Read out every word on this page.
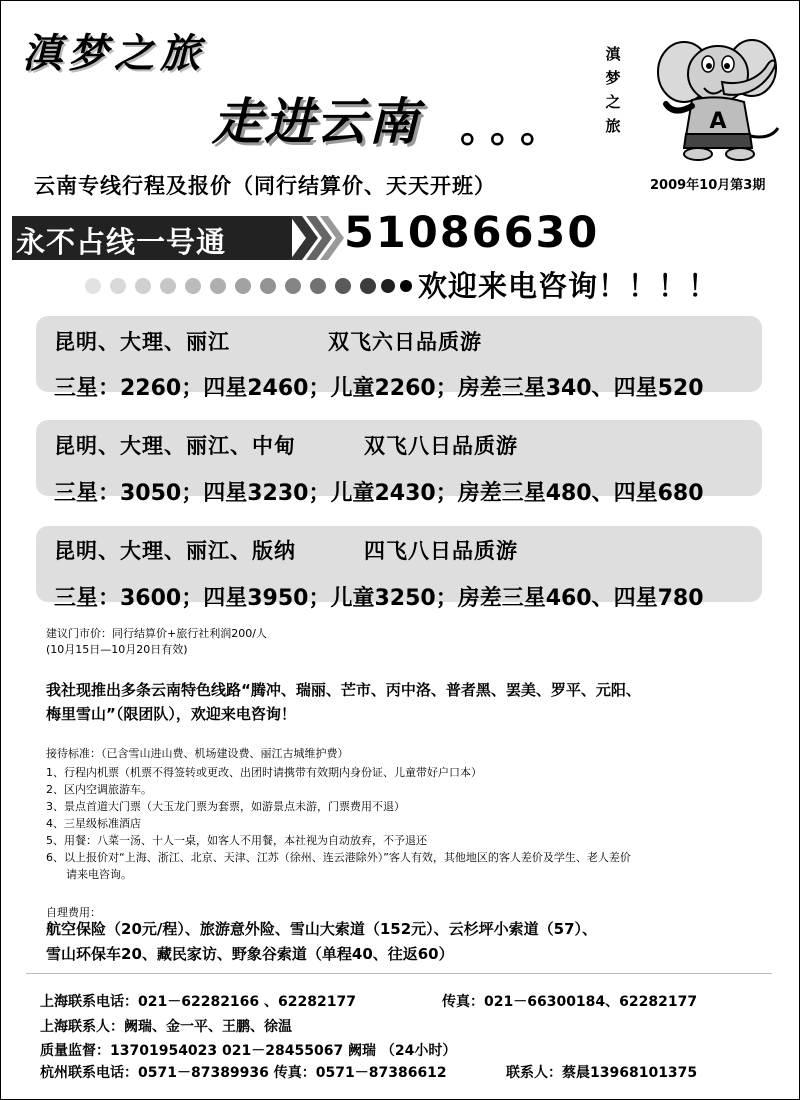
滇梦之旅
走进云南 。。。
滇梦之旅	A
云南专线行程及报价（同行结算价、天天开班）	2009年10月第3期
永不占线一号通	51086630
欢迎来电咨询！！！！
昆明、大理、丽江	双飞六日品质游
三星：2260；四星2460；儿童2260；房差三星340、四星520
昆明、大理、丽江、中甸	双飞八日品质游
三星：3050；四星3230；儿童2430；房差三星480、四星680
昆明、大理、丽江、版纳	四飞八日品质游
三星：3600；四星3950；儿童3250；房差三星460、四星780
建议门市价：同行结算价+旅行社利润200/人
(10月15日—10月20日有效)
我社现推出多条云南特色线路“腾冲、瑞丽、芒市、丙中洛、普者黑、罢美、罗平、元阳、
梅里雪山”（限团队），欢迎来电咨询！
接待标准：（已含雪山进山费、机场建设费、丽江古城维护费）
1、行程内机票（机票不得签转或更改、出团时请携带有效期内身份证、儿童带好户口本）
2、区内空调旅游车。
3、景点首道大门票（大玉龙门票为套票，如游景点未游，门票费用不退）
4、三星级标准酒店
5、用餐：八菜一汤、十人一桌，如客人不用餐，本社视为自动放弃，不予退还
6、以上报价对“上海、浙江、北京、天津、江苏（徐州、连云港除外）”客人有效，其他地区的客人差价及学生、老人差价
请来电咨询。
自理费用：
航空保险（20元/程）、旅游意外险、雪山大索道（152元）、云杉坪小索道（57）、
雪山环保车20、藏民家访、野象谷索道（单程40、往返60）
上海联系电话：021－62282166 、62282177	传真：021－66300184、62282177
上海联系人：阙瑞、金一平、王鹏、徐温
质量监督：13701954023 021－28455067 阙瑞 （24小时）
杭州联系电话：0571－87389936 传真：0571－87386612	联系人：蔡晨13968101375
